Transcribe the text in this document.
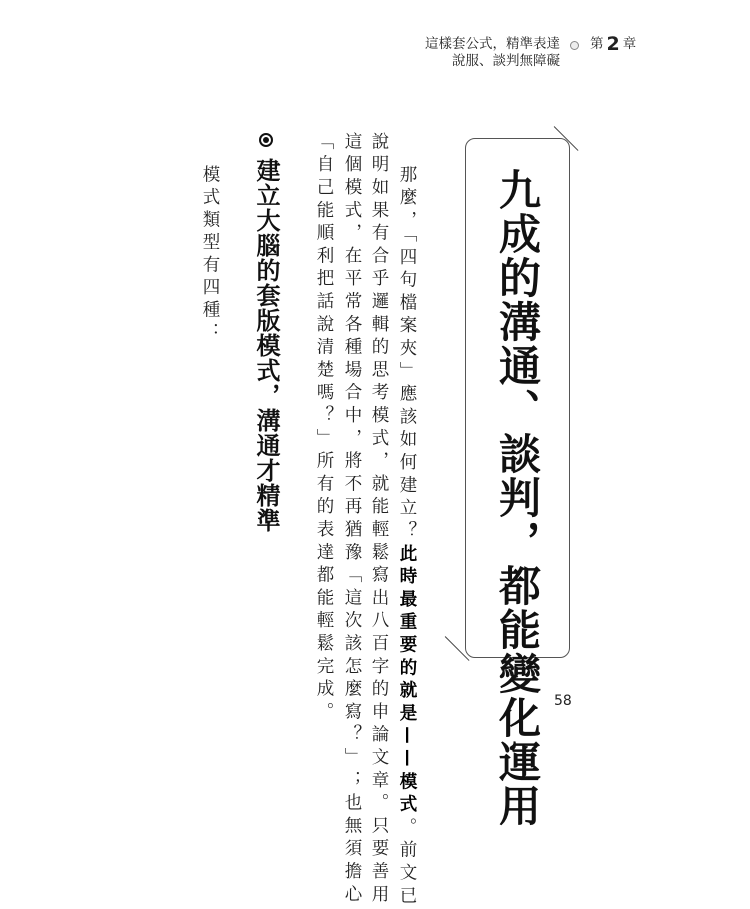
這樣套公式，精準表達
說服、談判無障礙
第 2 章
九成的溝通、談判，都能變化運用
那麼，「四句檔案夾」應該如何建立？此時最重要的就是——模式。前文已
說明如果有合乎邏輯的思考模式，就能輕鬆寫出八百字的申論文章。只要善用
這個模式，在平常各種場合中，將不再猶豫「這次該怎麼寫？」；也無須擔心
「自己能順利把話說清楚嗎？」所有的表達都能輕鬆完成。
建立大腦的套版模式，溝通才精準
模式類型有四種：
58
